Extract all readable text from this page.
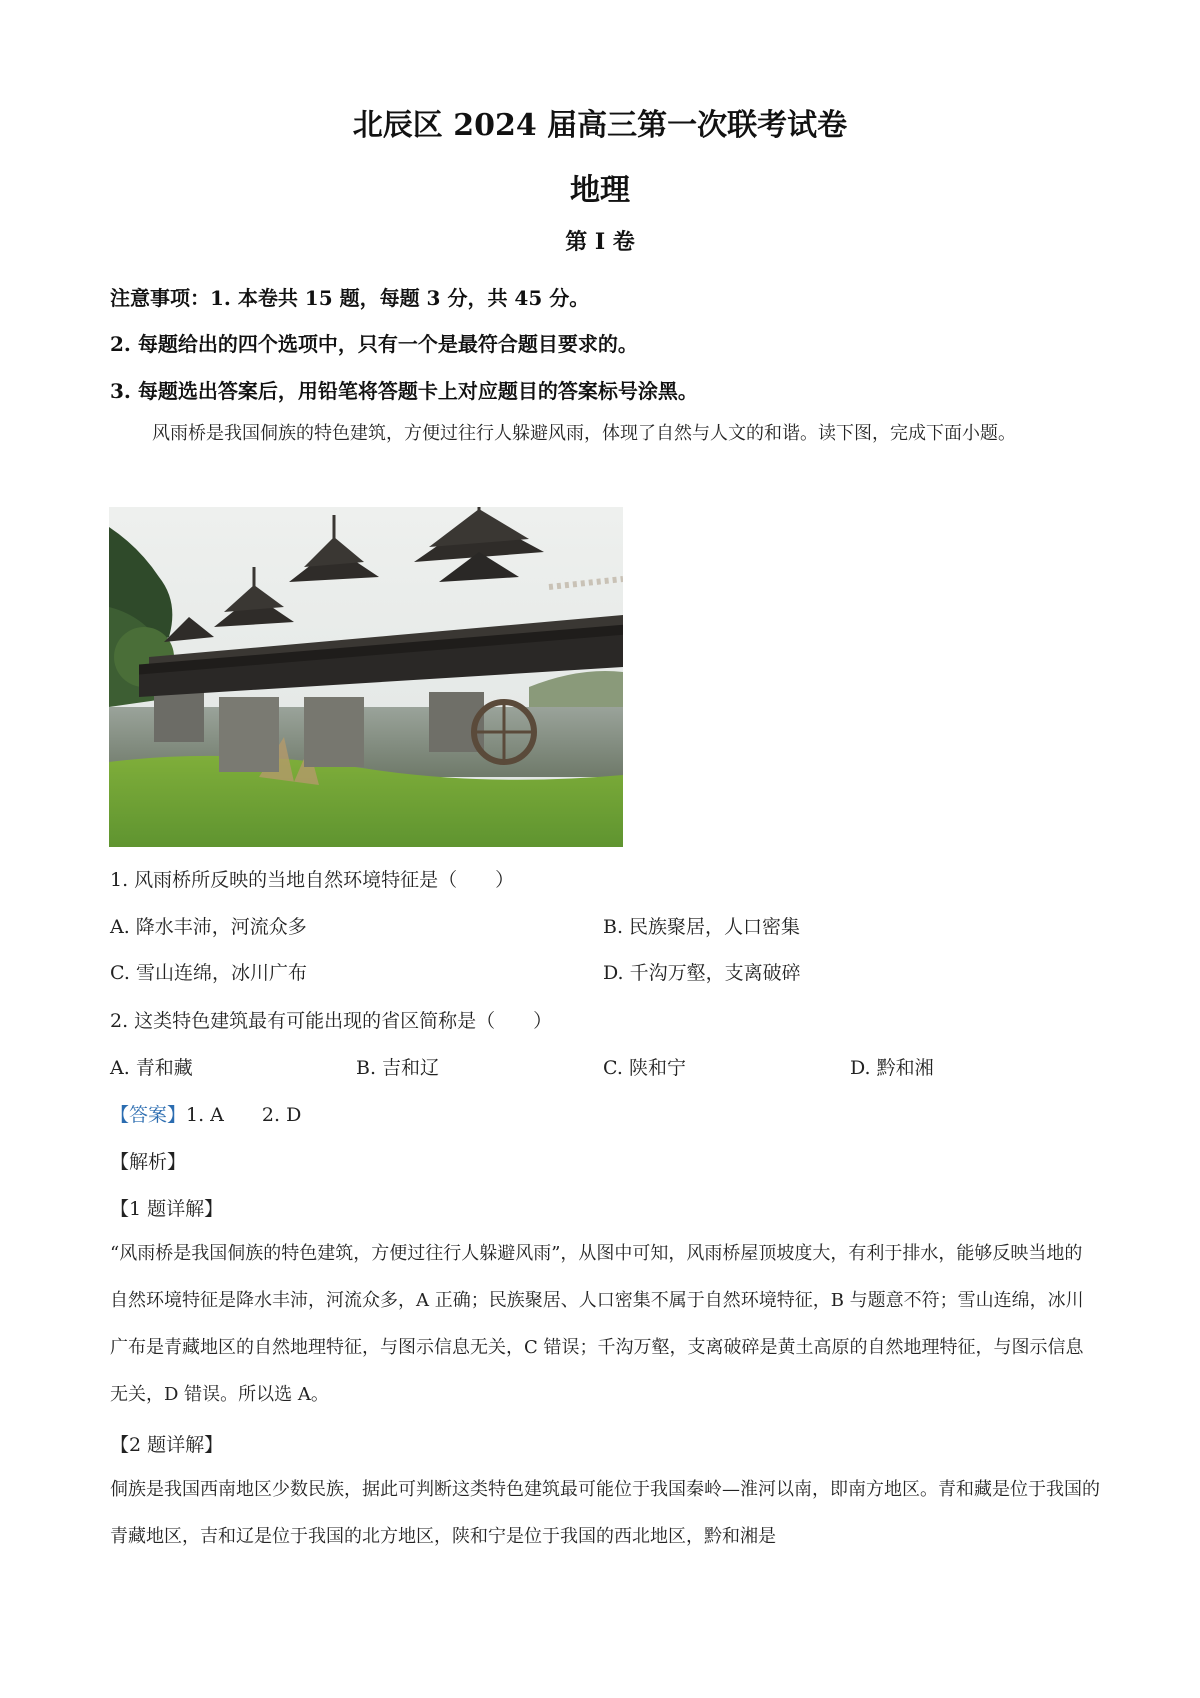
北辰区 2024 届高三第一次联考试卷
地理
第 I 卷
注意事项：1. 本卷共 15 题，每题 3 分，共 45 分。
2. 每题给出的四个选项中，只有一个是最符合题目要求的。
3. 每题选出答案后，用铅笔将答题卡上对应题目的答案标号涂黑。
风雨桥是我国侗族的特色建筑，方便过往行人躲避风雨，体现了自然与人文的和谐。读下图，完成下面小题。
1. 风雨桥所反映的当地自然环境特征是（　　）
A. 降水丰沛，河流众多	B. 民族聚居，人口密集
C. 雪山连绵，冰川广布	D. 千沟万壑，支离破碎
2. 这类特色建筑最有可能出现的省区简称是（　　）
A. 青和藏	B. 吉和辽	C. 陕和宁	D. 黔和湘
【答案】1. A　　2. D
【解析】
【1 题详解】
“风雨桥是我国侗族的特色建筑，方便过往行人躲避风雨”，从图中可知，风雨桥屋顶坡度大，有利于排水，能够反映当地的自然环境特征是降水丰沛，河流众多，A 正确；民族聚居、人口密集不属于自然环境特征，B 与题意不符；雪山连绵，冰川广布是青藏地区的自然地理特征，与图示信息无关，C 错误；千沟万壑，支离破碎是黄土高原的自然地理特征，与图示信息无关，D 错误。所以选 A。
【2 题详解】
侗族是我国西南地区少数民族，据此可判断这类特色建筑最可能位于我国秦岭—淮河以南，即南方地区。青和藏是位于我国的青藏地区，吉和辽是位于我国的北方地区，陕和宁是位于我国的西北地区，黔和湘是
